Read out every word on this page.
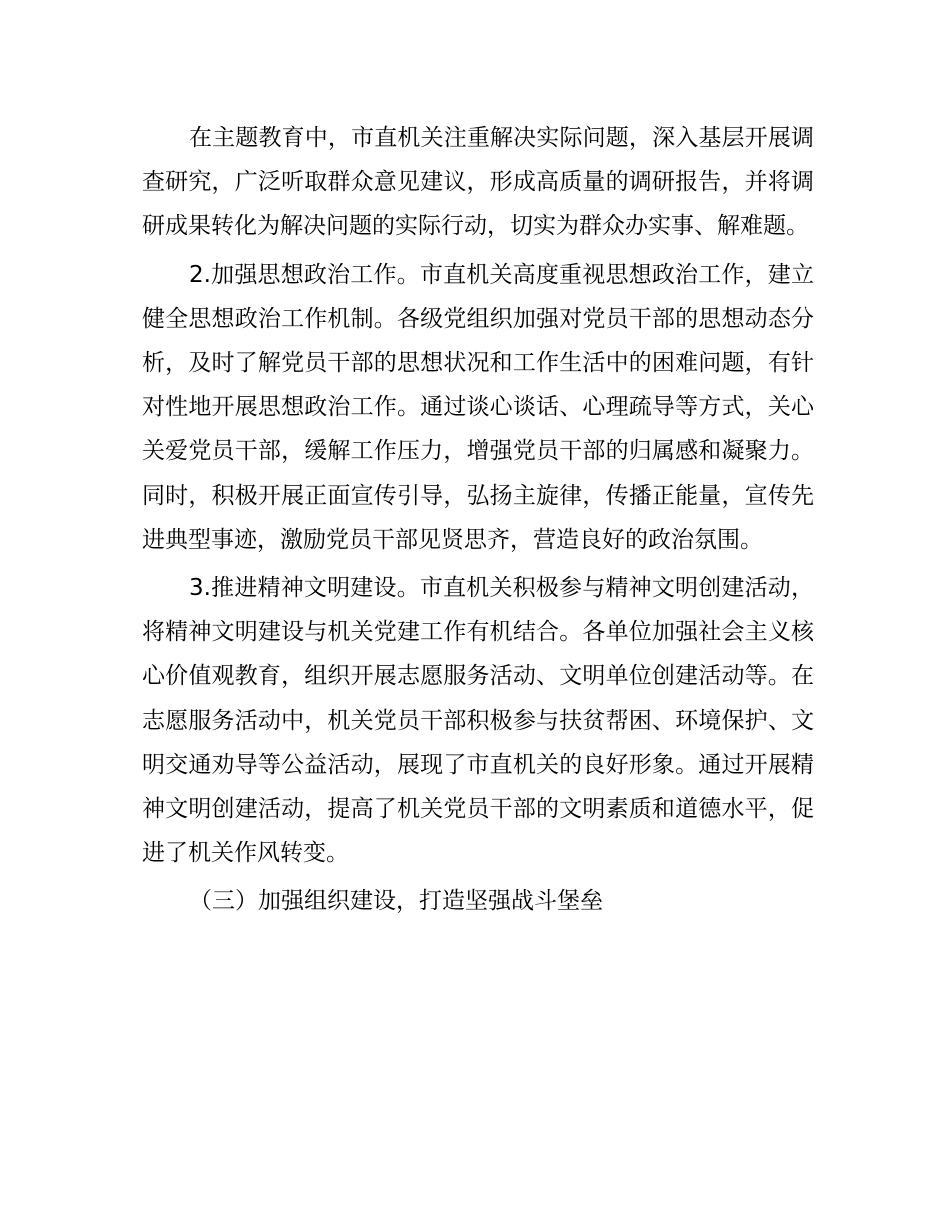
在主题教育中，市直机关注重解决实际问题，深入基层开展调查研究，广泛听取群众意见建议，形成高质量的调研报告，并将调研成果转化为解决问题的实际行动，切实为群众办实事、解难题。

2.加强思想政治工作。市直机关高度重视思想政治工作，建立健全思想政治工作机制。各级党组织加强对党员干部的思想动态分析，及时了解党员干部的思想状况和工作生活中的困难问题，有针对性地开展思想政治工作。通过谈心谈话、心理疏导等方式，关心关爱党员干部，缓解工作压力，增强党员干部的归属感和凝聚力。同时，积极开展正面宣传引导，弘扬主旋律，传播正能量，宣传先进典型事迹，激励党员干部见贤思齐，营造良好的政治氛围。

3.推进精神文明建设。市直机关积极参与精神文明创建活动，将精神文明建设与机关党建工作有机结合。各单位加强社会主义核心价值观教育，组织开展志愿服务活动、文明单位创建活动等。在志愿服务活动中，机关党员干部积极参与扶贫帮困、环境保护、文明交通劝导等公益活动，展现了市直机关的良好形象。通过开展精神文明创建活动，提高了机关党员干部的文明素质和道德水平，促进了机关作风转变。

（三）加强组织建设，打造坚强战斗堡垒
